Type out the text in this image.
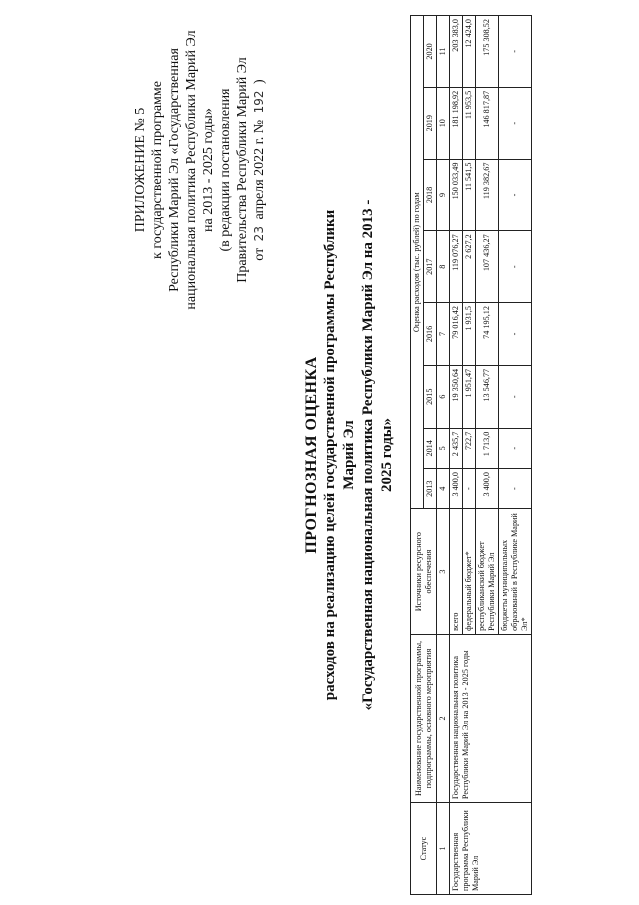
ПРИЛОЖЕНИЕ № 5 к государственной программе Республики Марий Эл «Государственная национальная политика Республики Марий Эл на 2013 - 2025 годы» (в редакции постановления Правительства Республики Марий Эл от 23 апреля 2022 г. № 192 )
ПРОГНОЗНАЯ ОЦЕНКА расходов на реализацию целей государственной программы Республики Марий Эл «Государственная национальная политика Республики Марий Эл на 2013 - 2025 годы»
Статус	Наименование государственной программы, подпрограммы, основного мероприятия	Источники ресурсного обеспечения	Оценка расходов (тыс. рублей) по годам							
			2013	2014	2015	2016	2017	2018	2019	2020
1	2	3	4	5	6	7	8	9	10	11
Государственная программа Республики Марий Эл	Государственная национальная политика Республики Марий Эл на 2013 - 2025 годы	всего	3 400,0	2 435,7	19 350,64	79 016,42	119 076,27	150 033,49	181 198,92	203 383,0
		федеральный бюджет*	-	722,7	1 951,47	1 931,5	2 627,2	11 541,5	11 953,5	12 424,0
		республиканский бюджет Республики Марий Эл	3 400,0	1 713,0	13 546,77	74 195,12	107 436,27	119 382,67	146 817,87	175 308,52
		бюджеты муниципальных образований в Республике Марий Эл*	-	-	-	-	-	-	-	-
